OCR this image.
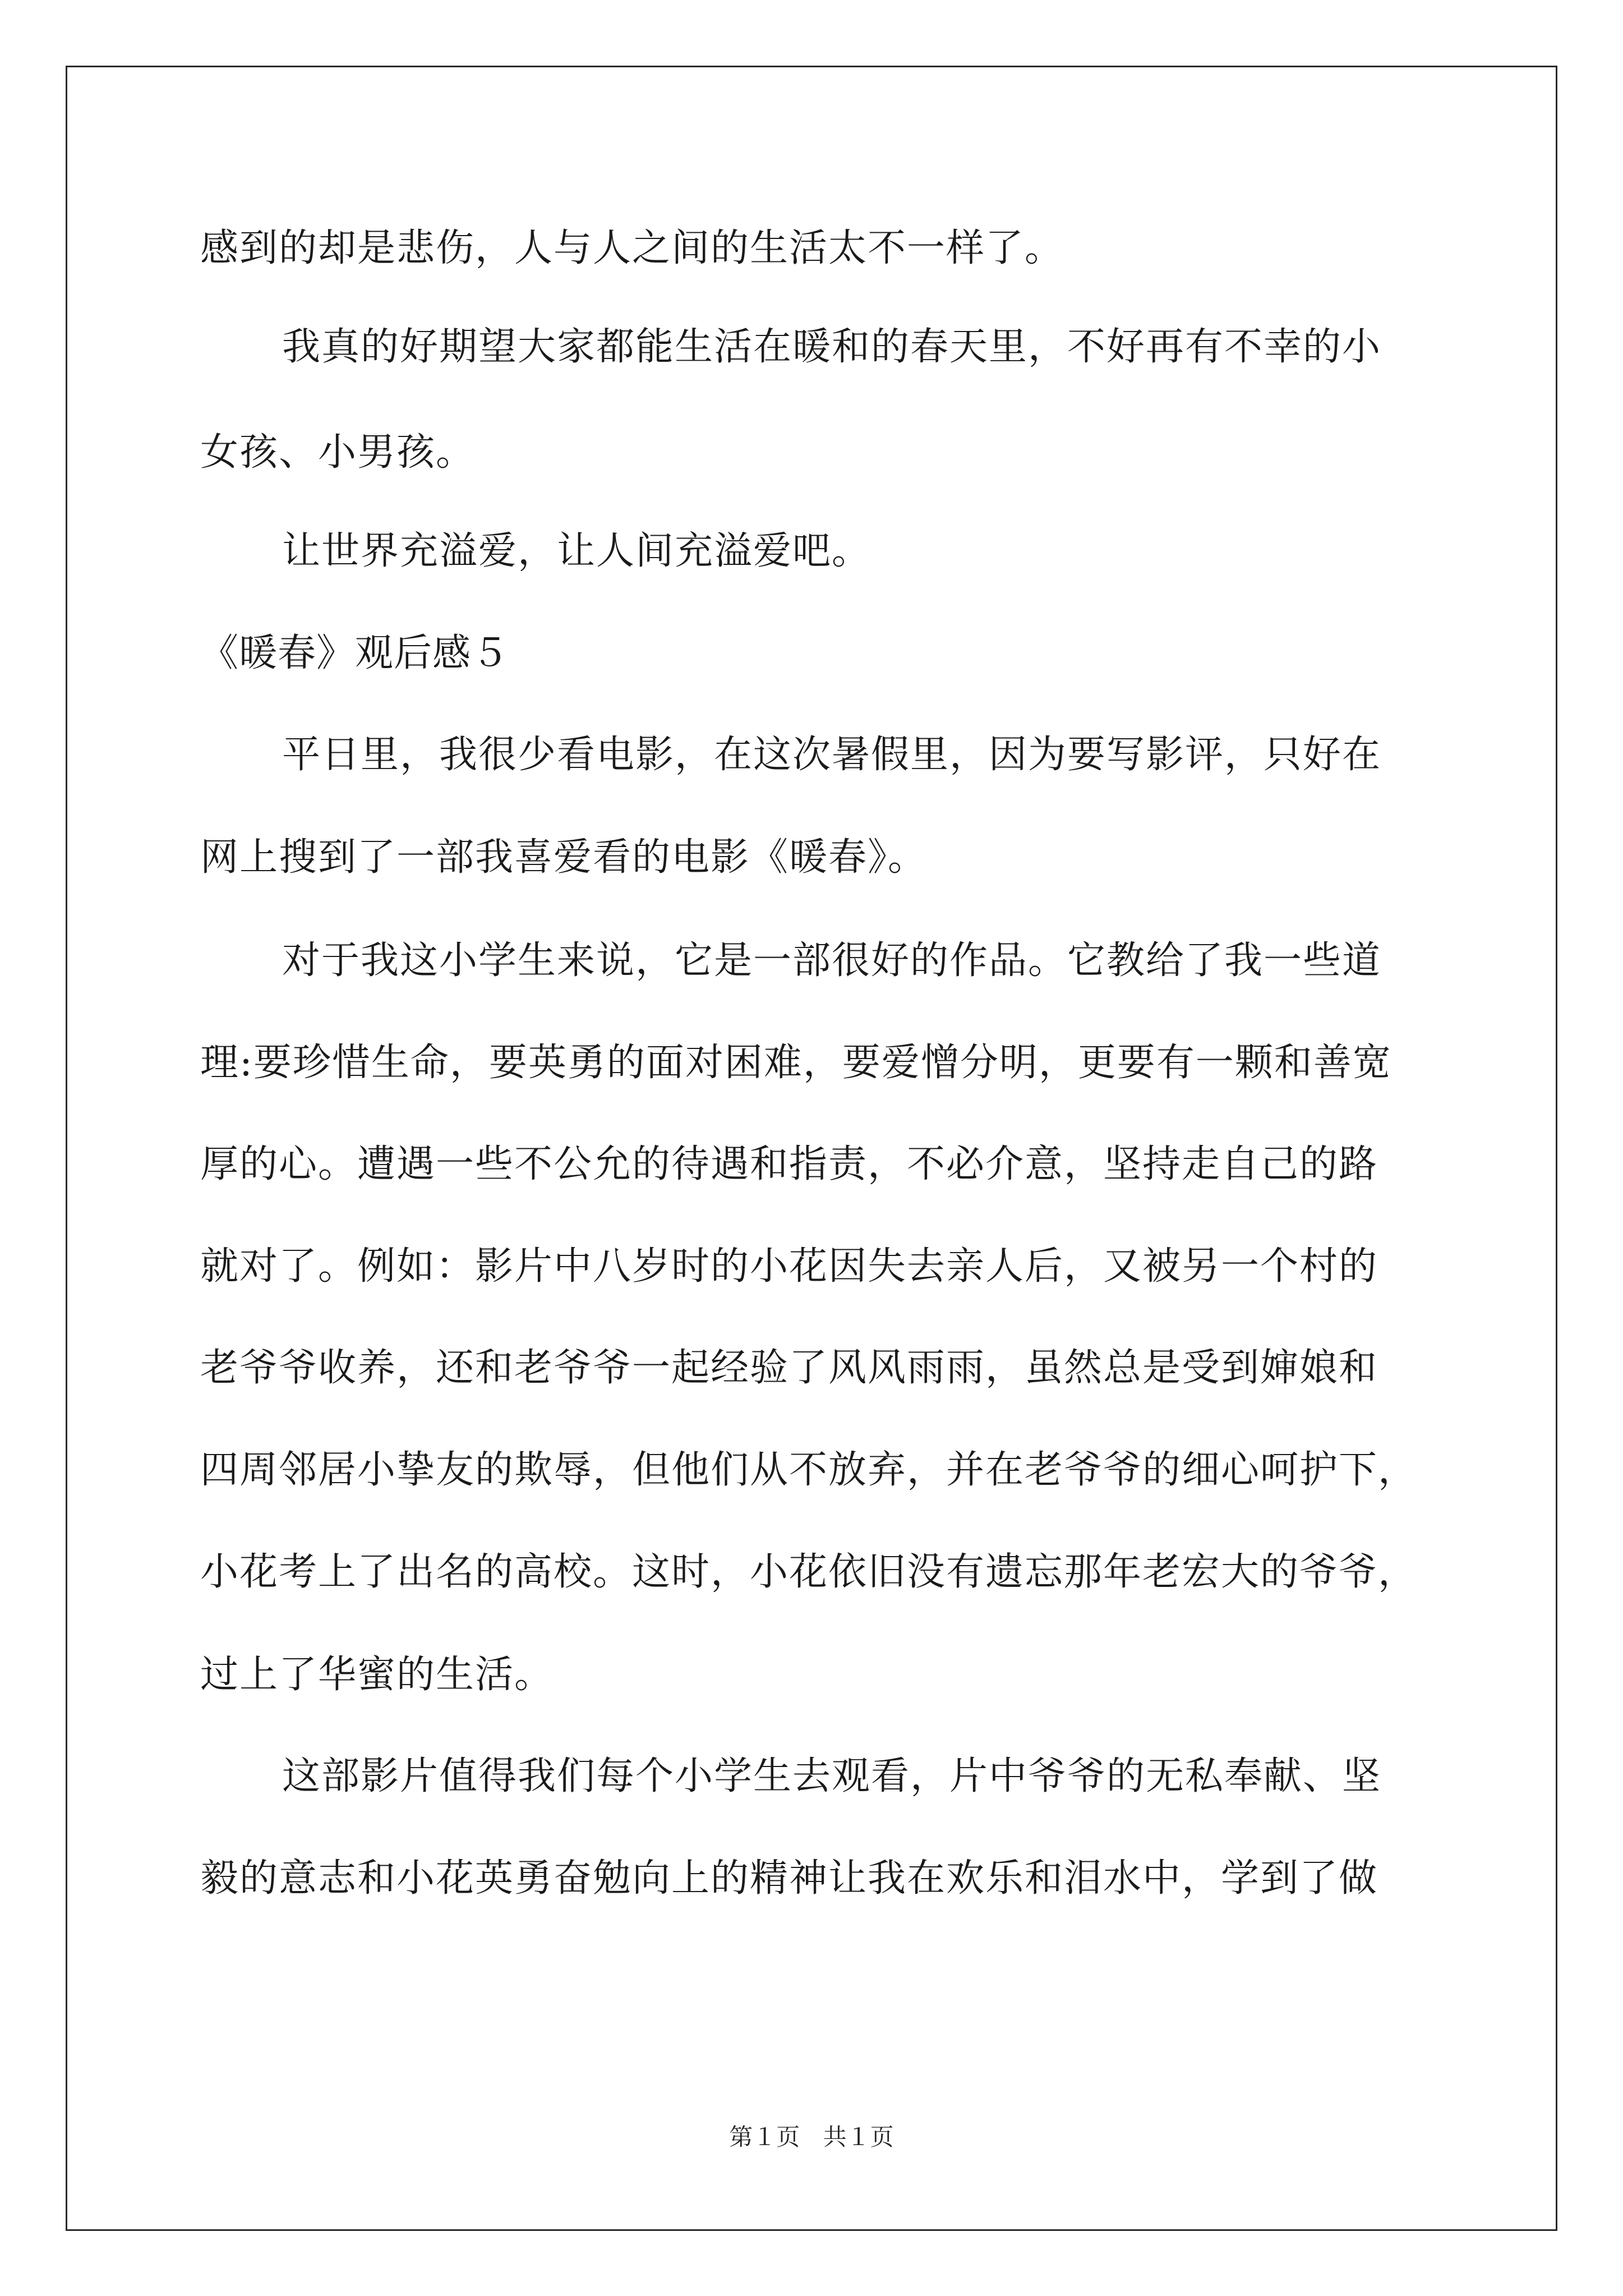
感到的却是悲伤，人与人之间的生活太不一样了。
我真的好期望大家都能生活在暖和的春天里，不好再有不幸的小
女孩、小男孩。
让世界充溢爱，让人间充溢爱吧。
《暖春》观后感５
平日里，我很少看电影，在这次暑假里，因为要写影评，只好在
网上搜到了一部我喜爱看的电影《暖春》。
对于我这小学生来说，它是一部很好的作品。它教给了我一些道
理:要珍惜生命，要英勇的面对困难，要爱憎分明，更要有一颗和善宽
厚的心。遭遇一些不公允的待遇和指责，不必介意，坚持走自己的路
就对了。例如：影片中八岁时的小花因失去亲人后，又被另一个村的
老爷爷收养，还和老爷爷一起经验了风风雨雨，虽然总是受到婶娘和
四周邻居小挚友的欺辱，但他们从不放弃，并在老爷爷的细心呵护下，
小花考上了出名的高校。这时，小花依旧没有遗忘那年老宏大的爷爷，
过上了华蜜的生活。
这部影片值得我们每个小学生去观看，片中爷爷的无私奉献、坚
毅的意志和小花英勇奋勉向上的精神让我在欢乐和泪水中，学到了做
第１页 共１页
